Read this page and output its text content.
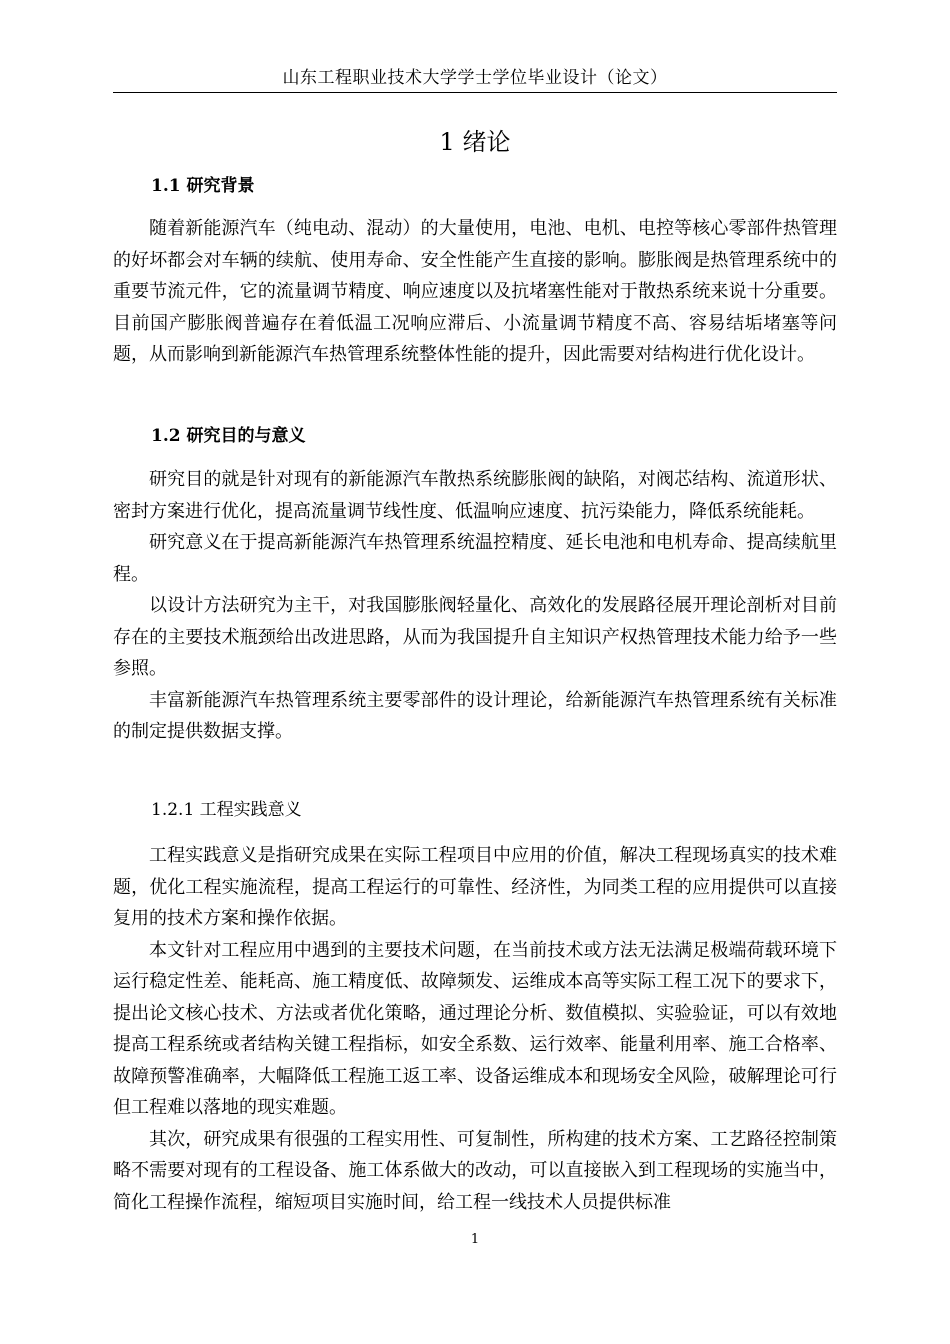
山东工程职业技术大学学士学位毕业设计（论文）
1 绪论

1.1 研究背景

随着新能源汽车（纯电动、混动）的大量使用，电池、电机、电控等核心零部件热管理的好坏都会对车辆的续航、使用寿命、安全性能产生直接的影响。膨胀阀是热管理系统中的重要节流元件，它的流量调节精度、响应速度以及抗堵塞性能对于散热系统来说十分重要。目前国产膨胀阀普遍存在着低温工况响应滞后、小流量调节精度不高、容易结垢堵塞等问题，从而影响到新能源汽车热管理系统整体性能的提升，因此需要对结构进行优化设计。

1.2 研究目的与意义

研究目的就是针对现有的新能源汽车散热系统膨胀阀的缺陷，对阀芯结构、流道形状、密封方案进行优化，提高流量调节线性度、低温响应速度、抗污染能力，降低系统能耗。

研究意义在于提高新能源汽车热管理系统温控精度、延长电池和电机寿命、提高续航里程。

以设计方法研究为主干，对我国膨胀阀轻量化、高效化的发展路径展开理论剖析对目前存在的主要技术瓶颈给出改进思路，从而为我国提升自主知识产权热管理技术能力给予一些参照。

丰富新能源汽车热管理系统主要零部件的设计理论，给新能源汽车热管理系统有关标准的制定提供数据支撑。

1.2.1 工程实践意义

工程实践意义是指研究成果在实际工程项目中应用的价值，解决工程现场真实的技术难题，优化工程实施流程，提高工程运行的可靠性、经济性，为同类工程的应用提供可以直接复用的技术方案和操作依据。

本文针对工程应用中遇到的主要技术问题，在当前技术或方法无法满足极端荷载环境下运行稳定性差、能耗高、施工精度低、故障频发、运维成本高等实际工程工况下的要求下，提出论文核心技术、方法或者优化策略，通过理论分析、数值模拟、实验验证，可以有效地提高工程系统或者结构关键工程指标，如安全系数、运行效率、能量利用率、施工合格率、故障预警准确率，大幅降低工程施工返工率、设备运维成本和现场安全风险，破解理论可行但工程难以落地的现实难题。

其次，研究成果有很强的工程实用性、可复制性，所构建的技术方案、工艺路径控制策略不需要对现有的工程设备、施工体系做大的改动，可以直接嵌入到工程现场的实施当中，简化工程操作流程，缩短项目实施时间，给工程一线技术人员提供标准

1
